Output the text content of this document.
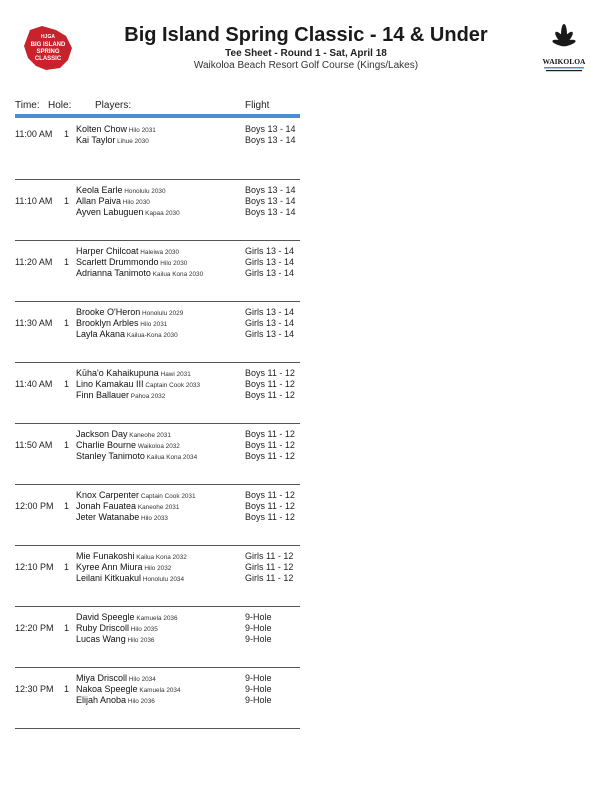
HJGA
BIG ISLAND
SPRING
CLASSIC	WAIKOLOA
Big Island Spring Classic - 14 & Under
Tee Sheet - Round 1 - Sat, April 18
Waikoloa Beach Resort Golf Course (Kings/Lakes)
Time: Hole: Players:	Flight
11:00 AM 1
Kolten Chow Hilo 2031	Boys 13 - 14
Kai Taylor Lihue 2030	Boys 13 - 14
11:10 AM 1
Keola Earle Honolulu 2030	Boys 13 - 14
Allan Paiva Hilo 2030	Boys 13 - 14
Ayven Labuguen Kapaa 2030	Boys 13 - 14
11:20 AM 1
Harper Chilcoat Haleiwa 2030	Girls 13 - 14
Scarlett Drummondo Hilo 2030	Girls 13 - 14
Adrianna Tanimoto Kailua Kona 2030	Girls 13 - 14
11:30 AM 1
Brooke O'Heron Honolulu 2029	Girls 13 - 14
Brooklyn Arbles Hilo 2031	Girls 13 - 14
Layla Akana Kailua-Kona 2030	Girls 13 - 14
11:40 AM 1
Kūha'o Kahaikupuna Hawi 2031	Boys 11 - 12
Lino Kamakau III Captain Cook 2033	Boys 11 - 12
Finn Ballauer Pahoa 2032	Boys 11 - 12
11:50 AM 1
Jackson Day Kaneohe 2031	Boys 11 - 12
Charlie Bourne Waikoloa 2032	Boys 11 - 12
Stanley Tanimoto Kailua Kona 2034	Boys 11 - 12
12:00 PM 1
Knox Carpenter Captain Cook 2031	Boys 11 - 12
Jonah Fauatea Kaneohe 2031	Boys 11 - 12
Jeter Watanabe Hilo 2033	Boys 11 - 12
12:10 PM 1
Mie Funakoshi Kailua Kona 2032	Girls 11 - 12
Kyree Ann Miura Hilo 2032	Girls 11 - 12
Leilani Kitkuakul Honolulu 2034	Girls 11 - 12
12:20 PM 1
David Speegle Kamuela 2036	9-Hole
Ruby Driscoll Hilo 2035	9-Hole
Lucas Wang Hilo 2036	9-Hole
12:30 PM 1
Miya Driscoll Hilo 2034	9-Hole
Nakoa Speegle Kamuela 2034	9-Hole
Elijah Anoba Hilo 2036	9-Hole
